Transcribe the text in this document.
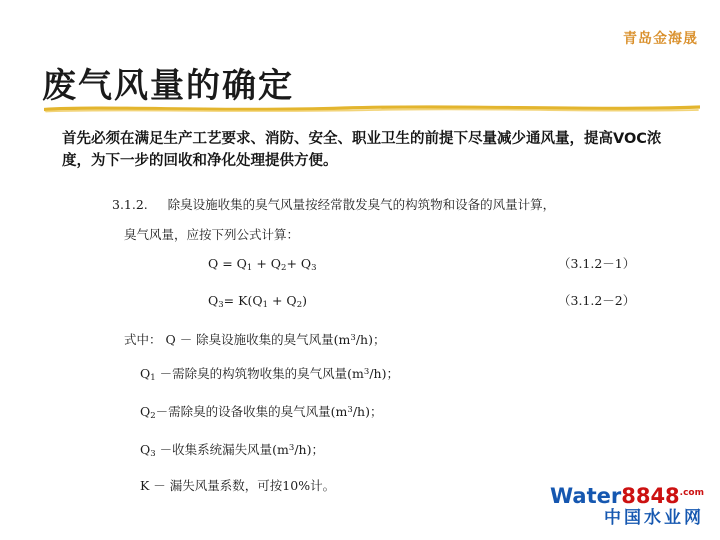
青岛金海晟
废气风量的确定
首先必须在满足生产工艺要求、消防、安全、职业卫生的前提下尽量减少通风量，提高VOC浓度，为下一步的回收和净化处理提供方便。
3.1.2. 除臭设施收集的臭气风量按经常散发臭气的构筑物和设备的风量计算，
臭气风量，应按下列公式计算：
$Q = Q_1 + Q_2+ Q_3$	（3.1.2－1）
$Q_3= K(Q_1 + Q_2)$	（3.1.2－2）
式中： Q － 除臭设施收集的臭气风量$(m^3/h)$；
$Q_1$ －需除臭的构筑物收集的臭气风量$(m^3/h)$；
$Q_2-$需除臭的设备收集的臭气风量$(m^3/h)$；
$Q_3$ －收集系统漏失风量$(m^3/h)$；
K － 漏失风量系数，可按10%计。	$Water8848^{.com}$
中国水业网
